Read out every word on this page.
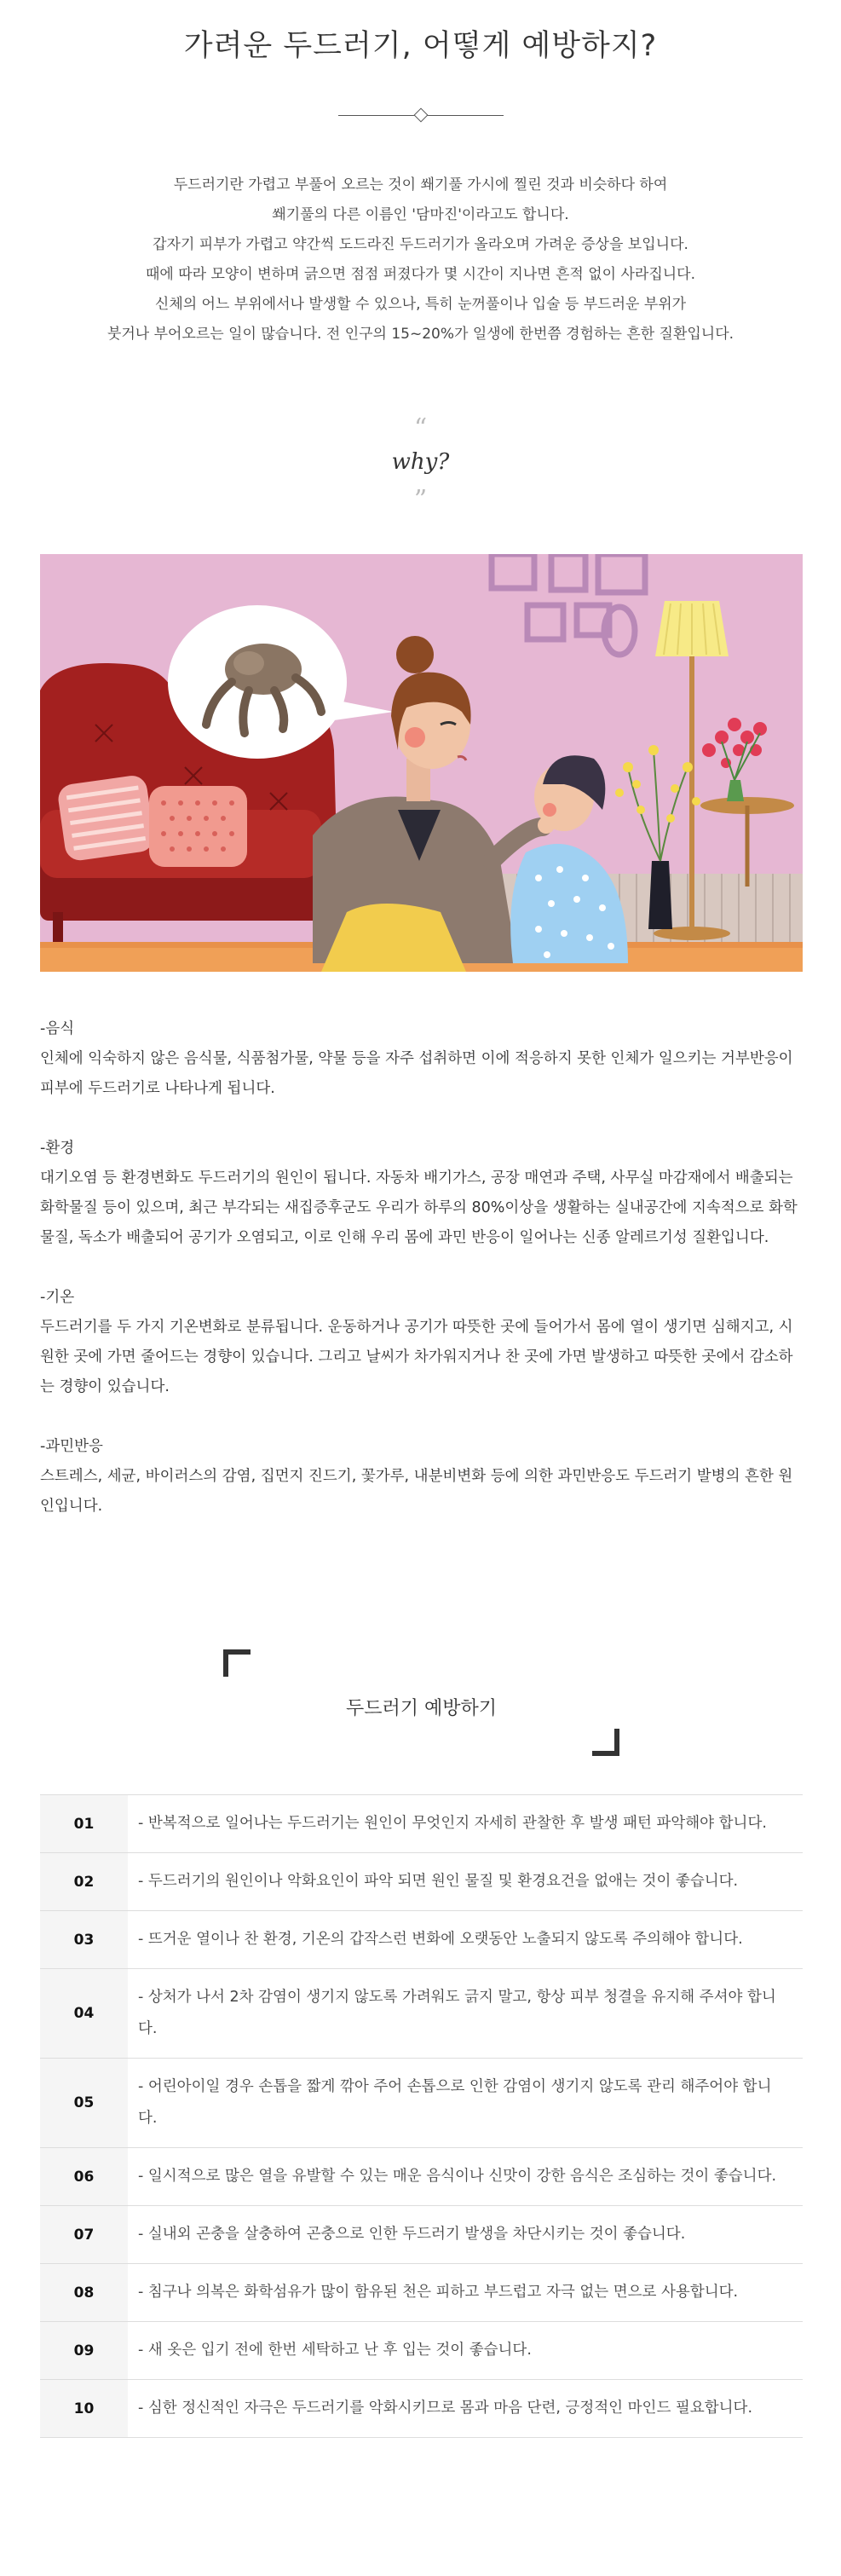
가려운 두드러기, 어떻게 예방하지?
두드러기란 가렵고 부풀어 오르는 것이 쐐기풀 가시에 찔린 것과 비슷하다 하여
쐐기풀의 다른 이름인 '담마진'이라고도 합니다.
갑자기 피부가 가렵고 약간씩 도드라진 두드러기가 올라오며 가려운 증상을 보입니다.
때에 따라 모양이 변하며 긁으면 점점 퍼졌다가 몇 시간이 지나면 흔적 없이 사라집니다.
신체의 어느 부위에서나 발생할 수 있으나, 특히 눈꺼풀이나 입술 등 부드러운 부위가
붓거나 부어오르는 일이 많습니다. 전 인구의 15~20%가 일생에 한번쯤 경험하는 흔한 질환입니다.
“
why?
”
-음식
인체에 익숙하지 않은 음식물, 식품첨가물, 약물 등을 자주 섭취하면 이에 적응하지 못한 인체가 일으키는 거부반응이 피부에 두드러기로 나타나게 됩니다.
-환경
대기오염 등 환경변화도 두드러기의 원인이 됩니다. 자동차 배기가스, 공장 매연과 주택, 사무실 마감재에서 배출되는 화학물질 등이 있으며, 최근 부각되는 새집증후군도 우리가 하루의 80%이상을 생활하는 실내공간에 지속적으로 화학 물질, 독소가 배출되어 공기가 오염되고, 이로 인해 우리 몸에 과민 반응이 일어나는 신종 알레르기성 질환입니다.
-기온
두드러기를 두 가지 기온변화로 분류됩니다. 운동하거나 공기가 따뜻한 곳에 들어가서 몸에 열이 생기면 심해지고, 시원한 곳에 가면 줄어드는 경향이 있습니다. 그리고 날씨가 차가워지거나 찬 곳에 가면 발생하고 따뜻한 곳에서 감소하는 경향이 있습니다.
-과민반응
스트레스, 세균, 바이러스의 감염, 집먼지 진드기, 꽃가루, 내분비변화 등에 의한 과민반응도 두드러기 발병의 흔한 원인입니다.
두드러기 예방하기
01	- 반복적으로 일어나는 두드러기는 원인이 무엇인지 자세히 관찰한 후 발생 패턴 파악해야 합니다.
02	- 두드러기의 원인이나 악화요인이 파악 되면 원인 물질 및 환경요건을 없애는 것이 좋습니다.
03	- 뜨거운 열이나 찬 환경, 기온의 갑작스런 변화에 오랫동안 노출되지 않도록 주의해야 합니다.
04	- 상처가 나서 2차 감염이 생기지 않도록 가려워도 긁지 말고, 항상 피부 청결을 유지해 주셔야 합니다.
05	- 어린아이일 경우 손톱을 짧게 깎아 주어 손톱으로 인한 감염이 생기지 않도록 관리 해주어야 합니다.
06	- 일시적으로 많은 열을 유발할 수 있는 매운 음식이나 신맛이 강한 음식은 조심하는 것이 좋습니다.
07	- 실내외 곤충을 살충하여 곤충으로 인한 두드러기 발생을 차단시키는 것이 좋습니다.
08	- 침구나 의복은 화학섬유가 많이 함유된 천은 피하고 부드럽고 자극 없는 면으로 사용합니다.
09	- 새 옷은 입기 전에 한번 세탁하고 난 후 입는 것이 좋습니다.
10	- 심한 정신적인 자극은 두드러기를 악화시키므로 몸과 마음 단련, 긍정적인 마인드 필요합니다.
